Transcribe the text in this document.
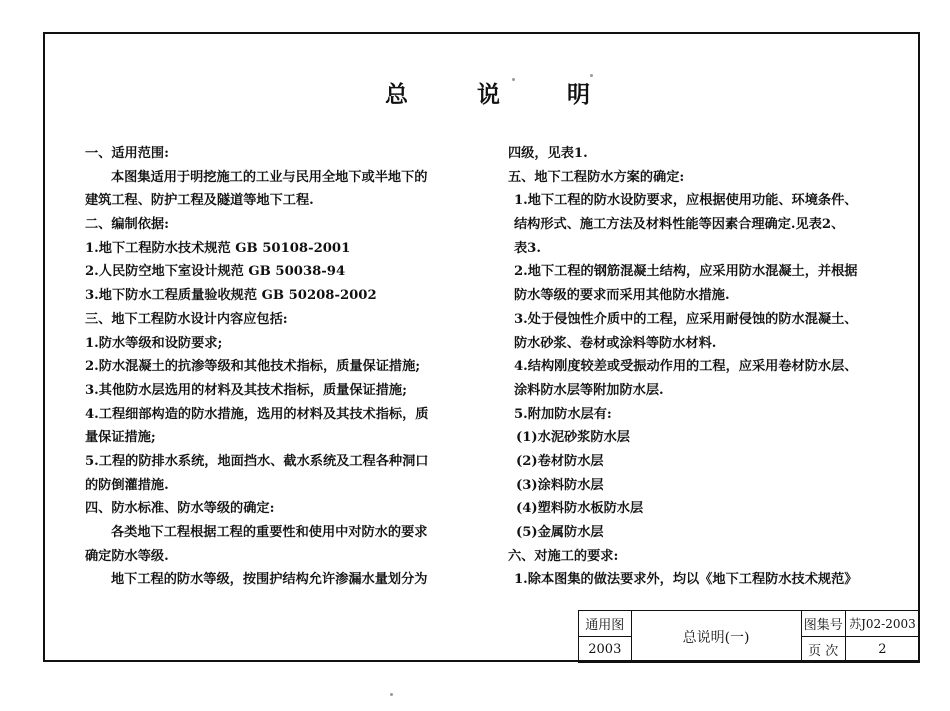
总	说	明
一、适用范围:
本图集适用于明挖施工的工业与民用全地下或半地下的
建筑工程、防护工程及隧道等地下工程.
二、编制依据:
1.地下工程防水技术规范 GB 50108-2001
2.人民防空地下室设计规范 GB 50038-94
3.地下防水工程质量验收规范 GB 50208-2002
三、地下工程防水设计内容应包括:
1.防水等级和设防要求;
2.防水混凝土的抗渗等级和其他技术指标，质量保证措施;
3.其他防水层选用的材料及其技术指标，质量保证措施;
4.工程细部构造的防水措施，选用的材料及其技术指标，质
量保证措施;
5.工程的防排水系统，地面挡水、截水系统及工程各种洞口
的防倒灌措施.
四、防水标准、防水等级的确定:
各类地下工程根据工程的重要性和使用中对防水的要求
确定防水等级.
地下工程的防水等级，按围护结构允许渗漏水量划分为
四级，见表1.
五、地下工程防水方案的确定:
1.地下工程的防水设防要求，应根据使用功能、环境条件、
结构形式、施工方法及材料性能等因素合理确定.见表2、
表3.
2.地下工程的钢筋混凝土结构，应采用防水混凝土，并根据
防水等级的要求而采用其他防水措施.
3.处于侵蚀性介质中的工程，应采用耐侵蚀的防水混凝土、
防水砂浆、卷材或涂料等防水材料.
4.结构刚度较差或受振动作用的工程，应采用卷材防水层、
涂料防水层等附加防水层.
5.附加防水层有:
(1)水泥砂浆防水层
(2)卷材防水层
(3)涂料防水层
(4)塑料防水板防水层
(5)金属防水层
六、对施工的要求:
1.除本图集的做法要求外，均以《地下工程防水技术规范》
通用图	总说明(一)	图集号	苏J02-2003
2003		页 次	2
